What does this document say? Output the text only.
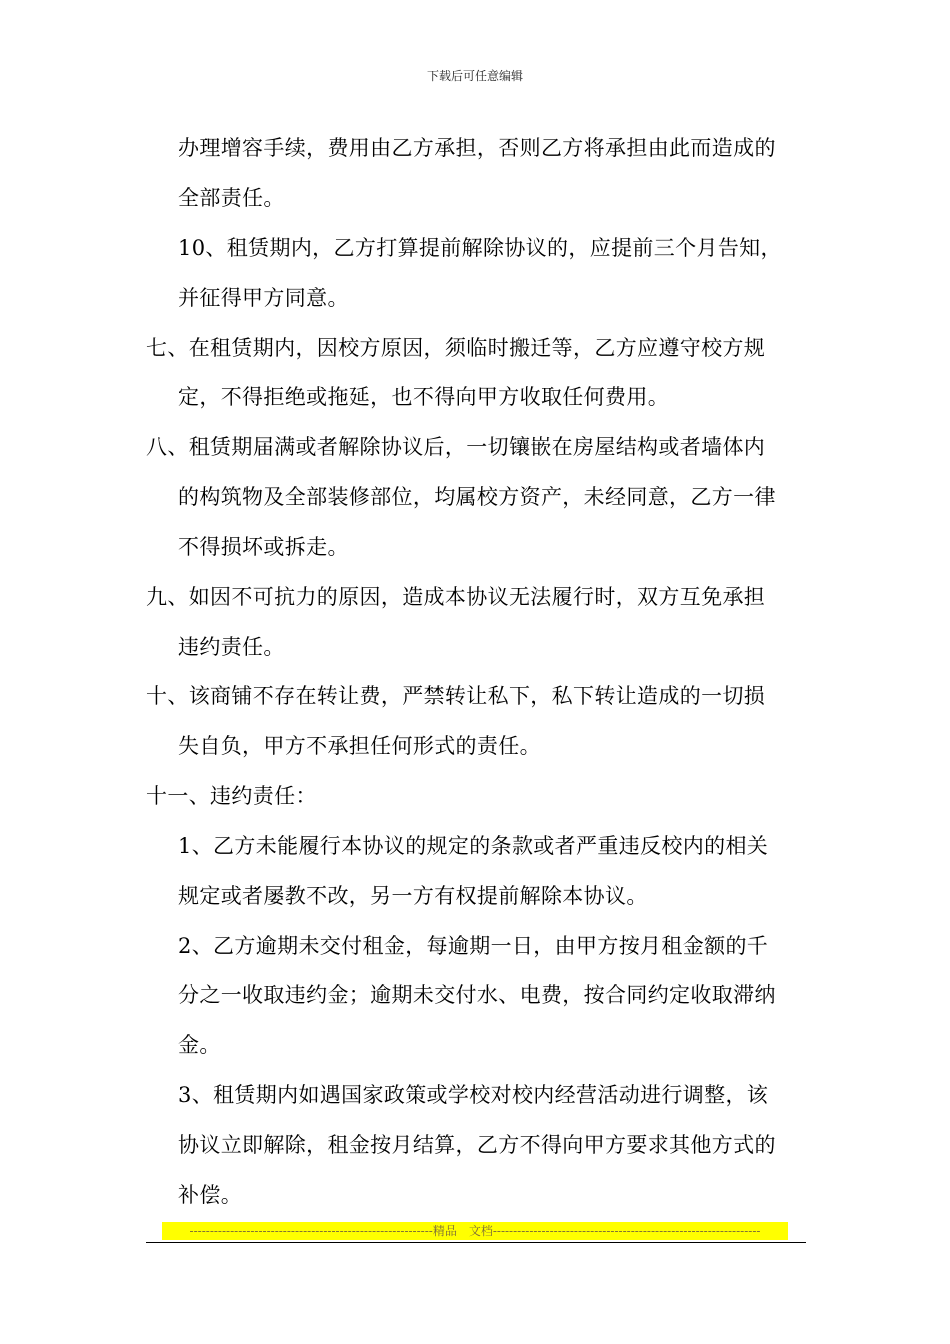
下载后可任意编辑
办理增容手续，费用由乙方承担，否则乙方将承担由此而造成的
全部责任。
10、租赁期内，乙方打算提前解除协议的，应提前三个月告知，
并征得甲方同意。
七、在租赁期内，因校方原因，须临时搬迁等，乙方应遵守校方规
定，不得拒绝或拖延，也不得向甲方收取任何费用。
八、租赁期届满或者解除协议后，一切镶嵌在房屋结构或者墙体内
的构筑物及全部装修部位，均属校方资产，未经同意，乙方一律
不得损坏或拆走。
九、如因不可抗力的原因，造成本协议无法履行时，双方互免承担
违约责任。
十、该商铺不存在转让费，严禁转让私下，私下转让造成的一切损
失自负，甲方不承担任何形式的责任。
十一、违约责任：
1、乙方未能履行本协议的规定的条款或者严重违反校内的相关
规定或者屡教不改，另一方有权提前解除本协议。
2、乙方逾期未交付租金，每逾期一日，由甲方按月租金额的千
分之一收取违约金；逾期未交付水、电费，按合同约定收取滞纳
金。
3、租赁期内如遇国家政策或学校对校内经营活动进行调整，该
协议立即解除，租金按月结算，乙方不得向甲方要求其他方式的
补偿。
------------------------------------------------------------精品　文档------------------------------------------------------------------
